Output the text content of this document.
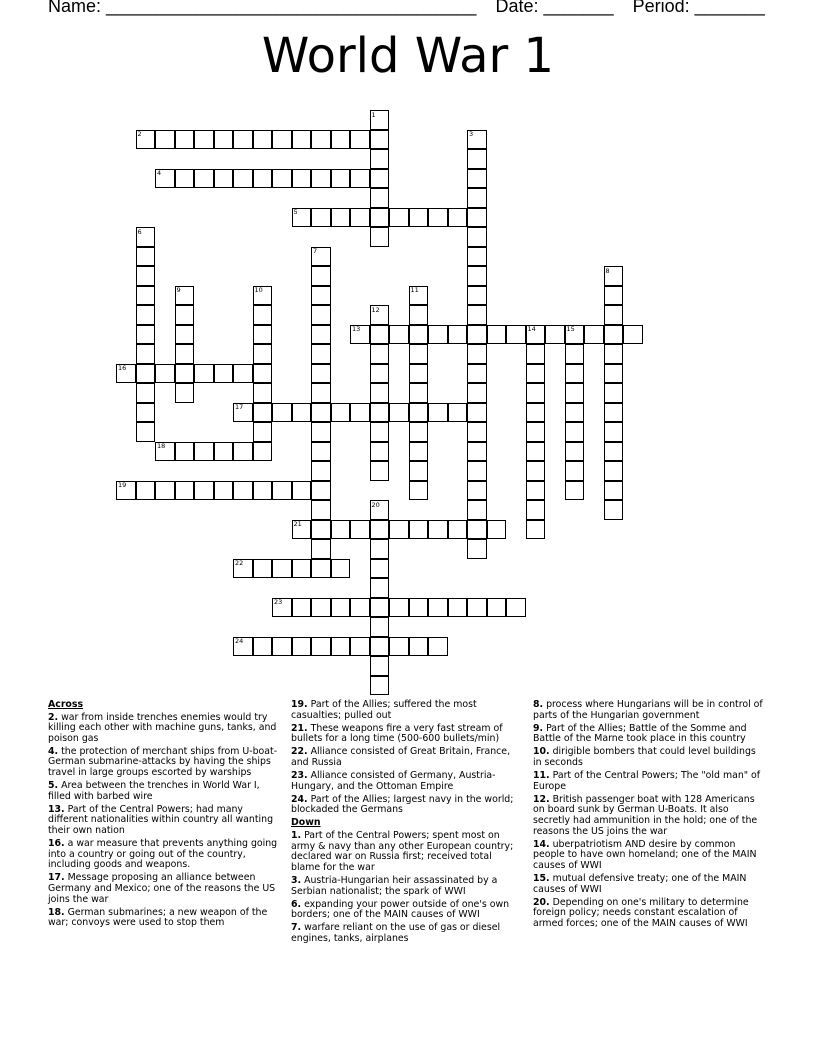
Name: _____________________________________ Date: _______ Period: _______
World War 1
2
4
5
13
16
17
18
19
21
22
23
24
1
3
6
7
8
9	10	11
12
14	15
20
Across
2. war from inside trenches enemies would try killing each other with machine guns, tanks, and poison gas
4. the protection of merchant ships from U-boat-German submarine-attacks by having the ships travel in large groups escorted by warships
5. Area between the trenches in World War I, filled with barbed wire
13. Part of the Central Powers; had many different nationalities within country all wanting their own nation
16. a war measure that prevents anything going into a country or going out of the country, including goods and weapons.
17. Message proposing an alliance between Germany and Mexico; one of the reasons the US joins the war
18. German submarines; a new weapon of the war; convoys were used to stop them
19. Part of the Allies; suffered the most casualties; pulled out
21. These weapons fire a very fast stream of bullets for a long time (500-600 bullets/min)
22. Alliance consisted of Great Britain, France, and Russia
23. Alliance consisted of Germany, Austria-Hungary, and the Ottoman Empire
24. Part of the Allies; largest navy in the world; blockaded the Germans
Down
1. Part of the Central Powers; spent most on army & navy than any other European country; declared war on Russia first; received total blame for the war
3. Austria-Hungarian heir assassinated by a Serbian nationalist; the spark of WWI
6. expanding your power outside of one's own borders; one of the MAIN causes of WWI
7. warfare reliant on the use of gas or diesel engines, tanks, airplanes
8. process where Hungarians will be in control of parts of the Hungarian government
9. Part of the Allies; Battle of the Somme and Battle of the Marne took place in this country
10. dirigible bombers that could level buildings in seconds
11. Part of the Central Powers; The "old man" of Europe
12. British passenger boat with 128 Americans on board sunk by German U-Boats. It also secretly had ammunition in the hold; one of the reasons the US joins the war
14. uberpatriotism AND desire by common people to have own homeland; one of the MAIN causes of WWI
15. mutual defensive treaty; one of the MAIN causes of WWI
20. Depending on one's military to determine foreign policy; needs constant escalation of armed forces; one of the MAIN causes of WWI
